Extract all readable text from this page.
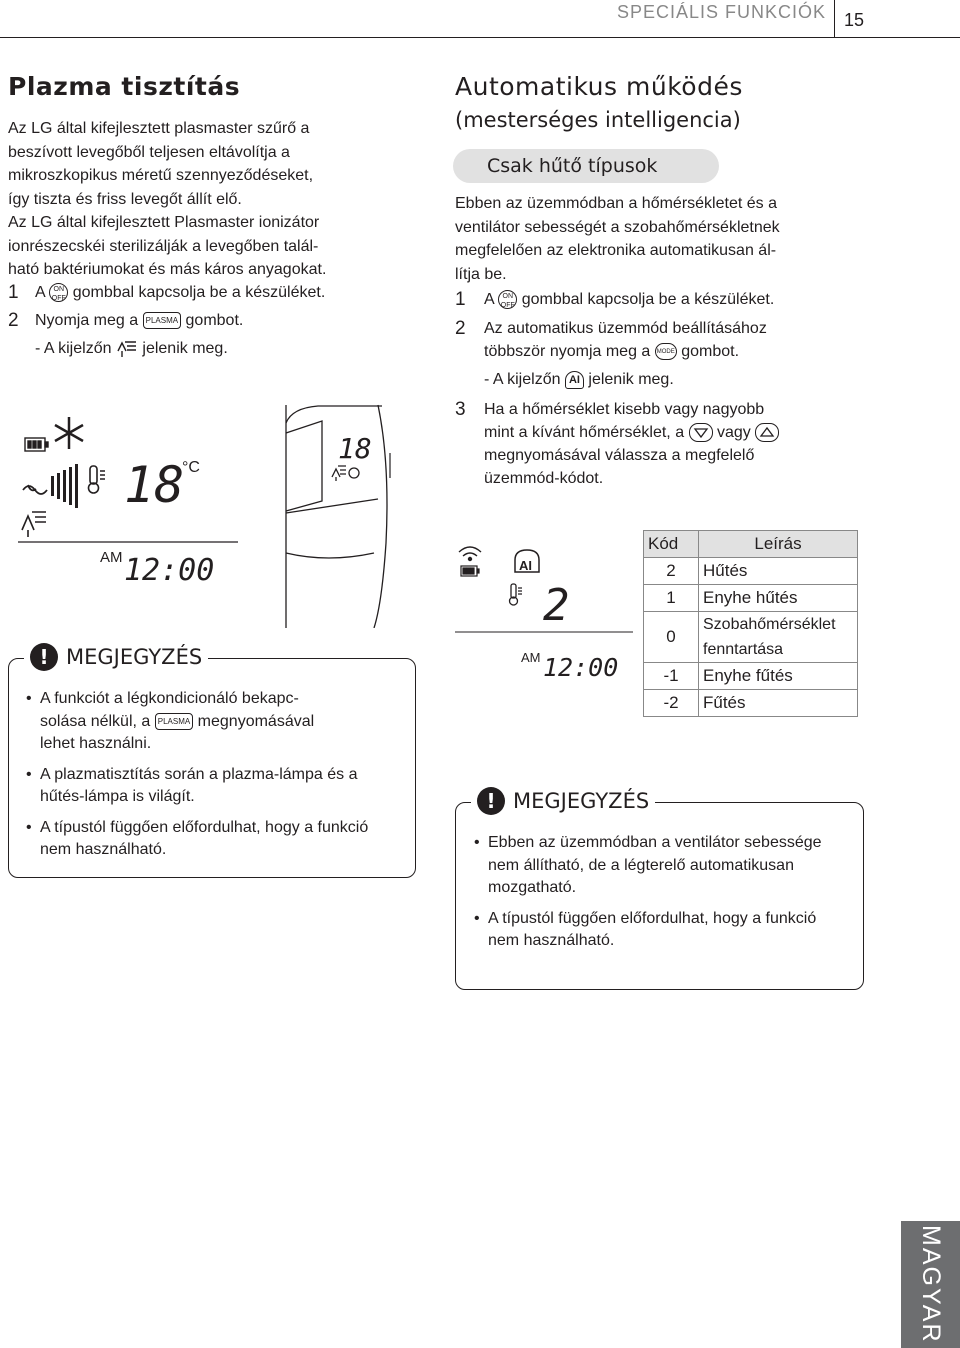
SPECIÁLIS FUNKCIÓK 15
Plazma tisztítás

Az LG által kifejlesztett plasmaster szűrő a

beszívott levegőből teljesen eltávolítja a

mikroszkopikus méretű szennyeződéseket,

így tiszta és friss levegőt állít elő.

Az LG által kifejlesztett Plasmaster ionizátor

ionrészecskéi sterilizálják a levegőben talál-

ható baktériumokat és más káros anyagokat.

1 A ON
OFF gombbal kapcsolja be a készüléket.
2 Nyomja meg a PLASMA gombot.
- A kijelzőn jelenik meg.
18
°C
AM 12:00
18
! MEGJEGYZÉS
• A funkciót a légkondicionáló bekapc-
solása nélkül, a PLASMA megnyomásával
lehet használni.
• A plazmatisztítás során a plazma-lámpa és a hűtés-lámpa is világít.
• A típustól függően előfordulhat, hogy a funkció nem használható.
Automatikus működés
(mesterséges intelligencia)
Csak hűtő típusok

Ebben az üzemmódban a hőmérsékletet és a

ventilátor sebességét a szobahőmérsékletnek

megfelelően az elektronika automatikusan ál-

lítja be.

1 A ON
OFF gombbal kapcsolja be a készüléket.
2 Az automatikus üzemmód beállításához
többször nyomja meg a MODE gombot.
- A kijelzőn AI jelenik meg.
3 Ha a hőmérséklet kisebb vagy nagyobb
mint a kívánt hőmérséklet, a vagy

megnyomásával válassza a megfelelő
üzemmód-kódot.
AI
2
AM 12:00
Kód	Leírás
2	Hűtés
1	Enyhe hűtés
0	Szobahőmérséklet fenntartása
-1	Enyhe fűtés
-2	Fűtés
! MEGJEGYZÉS
• Ebben az üzemmódban a ventilátor sebessége nem állítható, de a légterelő automatikusan mozgatható.
• A típustól függően előfordulhat, hogy a funkció nem használható.
MAGYAR
